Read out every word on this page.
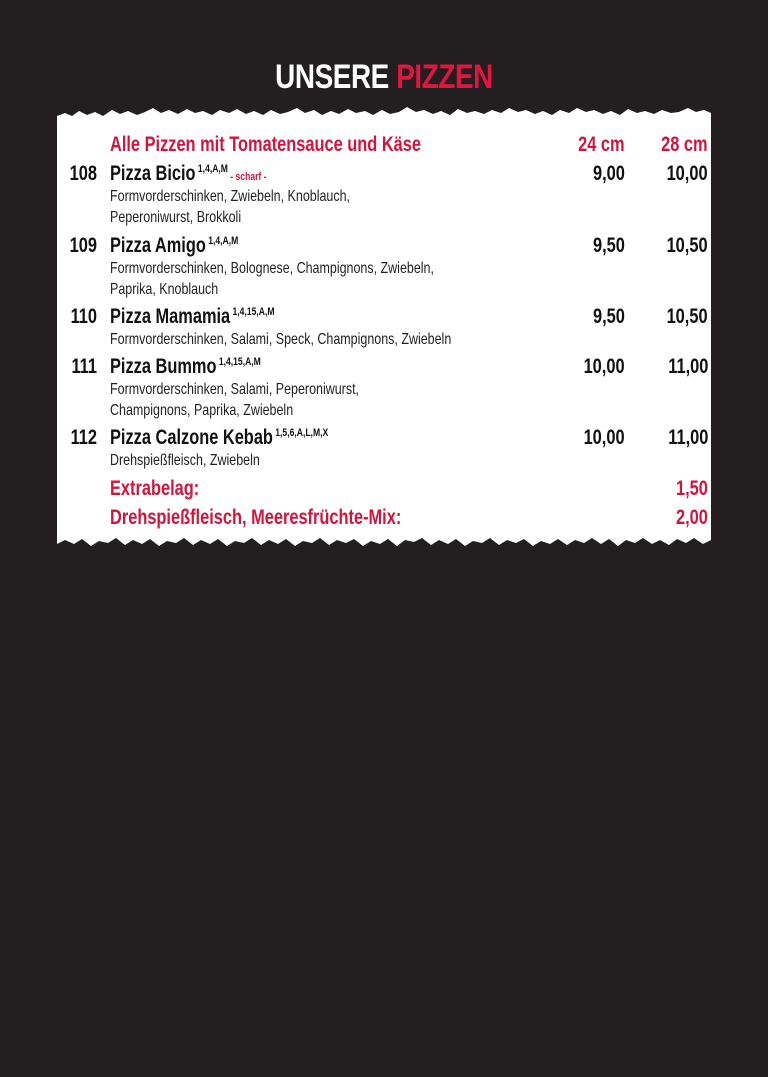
UNSERE PIZZEN
Alle Pizzen mit Tomatensauce und Käse	24 cm 28 cm
108 Pizza Bicio $^{1,4,A,M}$- scharf -
Formvorderschinken, Zwiebeln, Knoblauch,
Peperoniwurst, Brokkoli
9,00 10,00
109 Pizza Amigo $^{1,4,A,M}$
Formvorderschinken, Bolognese, Champignons, Zwiebeln,
Paprika, Knoblauch
9,50 10,50
110 Pizza Mamamia $^{1,4,15,A,M}$
Formvorderschinken, Salami, Speck, Champignons, Zwiebeln
9,50 10,50
111 Pizza Bummo $^{1,4,15,A,M}$
Formvorderschinken, Salami, Peperoniwurst,
Champignons, Paprika, Zwiebeln
10,00 11,00
112 Pizza Calzone Kebab $^{1,5,6,A,L,M,X}$
Drehspießfleisch, Zwiebeln
10,00 11,00
Extrabelag:	1,50
Drehspießfleisch, Meeresfrüchte-Mix:	2,00
